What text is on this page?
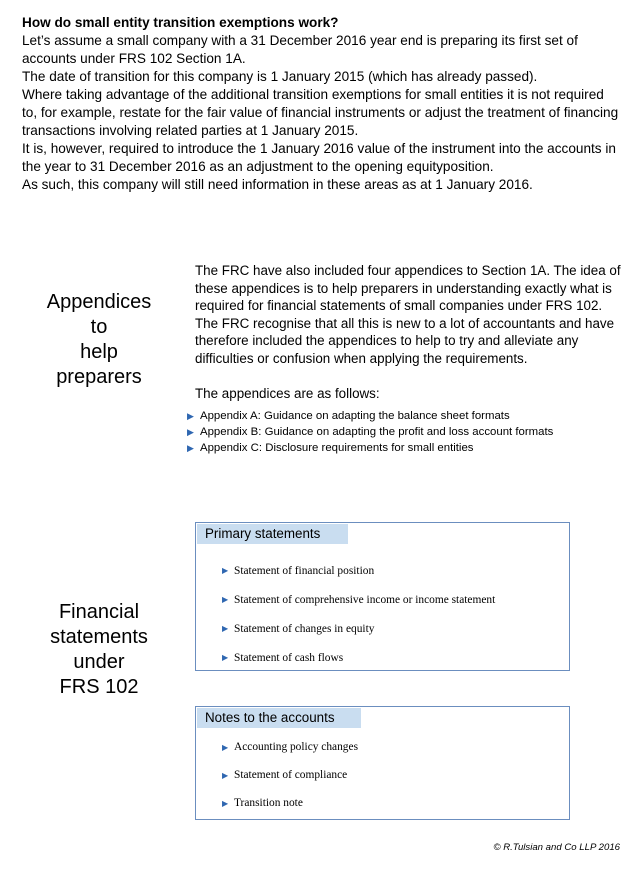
How do small entity transition exemptions work?

Let’s assume a small company with a 31 December 2016 year end is preparing its first set of accounts under FRS 102 Section 1A.

The date of transition for this company is 1 January 2015 (which has already passed).

Where taking advantage of the additional transition exemptions for small entities it is not required to, for example, restate for the fair value of financial instruments or adjust the treatment of financing transactions involving related parties at 1 January 2015.

It is, however, required to introduce the 1 January 2016 value of the instrument into the accounts in the year to 31 December 2016 as an adjustment to the opening equityposition.

As such, this company will still need information in these areas as at 1 January 2016.

Appendices
to
help
preparers

The FRC have also included four appendices to Section 1A. The idea of these appendices is to help preparers in understanding exactly what is required for financial statements of small companies under FRS 102.

The FRC recognise that all this is new to a lot of accountants and have therefore included the appendices to help to try and alleviate any difficulties or confusion when applying the requirements.

The appendices are as follows:

▶ Appendix A: Guidance on adapting the balance sheet formats
▶ Appendix B: Guidance on adapting the profit and loss account formats
▶ Appendix C: Disclosure requirements for small entities
Financial
statements
under
FRS 102
Primary statements
▶ Statement of financial position
▶ Statement of comprehensive income or income statement
▶ Statement of changes in equity
▶ Statement of cash flows
Notes to the accounts
▶ Accounting policy changes
▶ Statement of compliance
▶ Transition note
© R.Tulsian and Co LLP 2016
